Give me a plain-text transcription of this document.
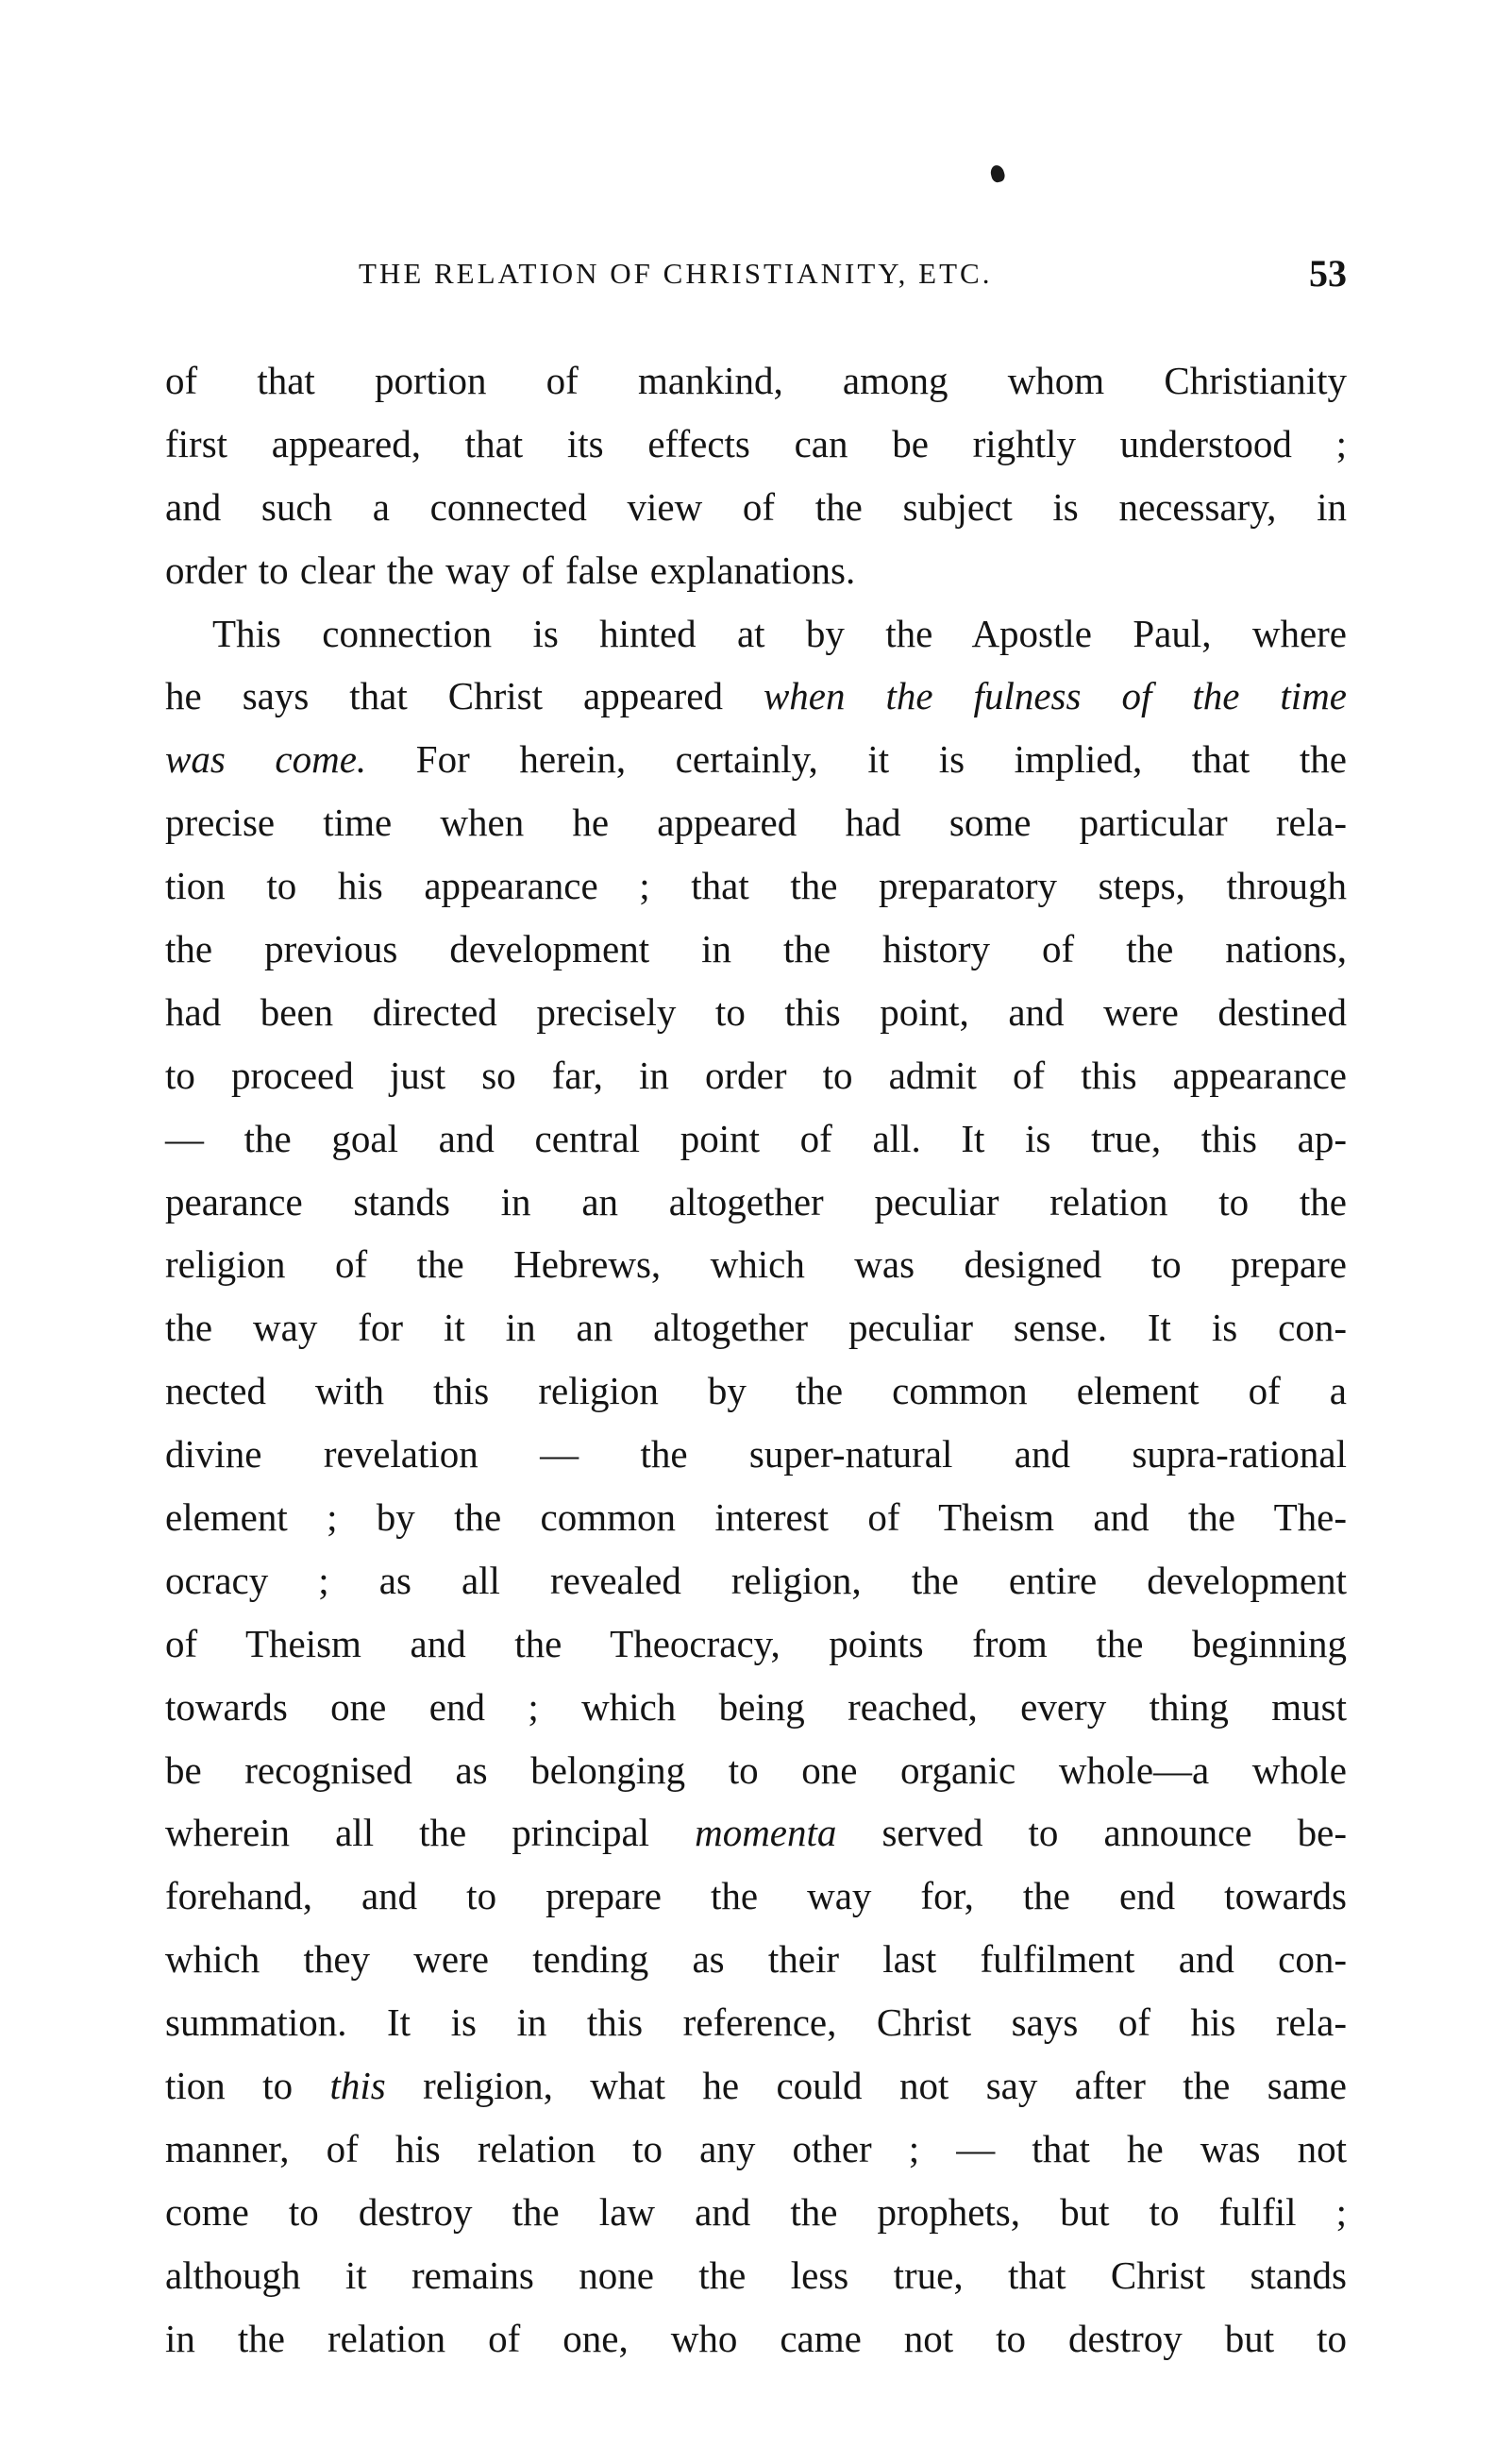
THE RELATION OF CHRISTIANITY, ETC.	53
of that portion of mankind, among whom Christianity
first appeared, that its effects can be rightly understood ;
and such a connected view of the subject is necessary, in
order to clear the way of false explanations.
This connection is hinted at by the Apostle Paul, where
he says that Christ appeared when the fulness of the time
was come. For herein, certainly, it is implied, that the
precise time when he appeared had some particular rela-
tion to his appearance ; that the preparatory steps, through
the previous development in the history of the nations,
had been directed precisely to this point, and were destined
to proceed just so far, in order to admit of this appearance
— the goal and central point of all. It is true, this ap-
pearance stands in an altogether peculiar relation to the
religion of the Hebrews, which was designed to prepare
the way for it in an altogether peculiar sense. It is con-
nected with this religion by the common element of a
divine revelation — the super-natural and supra-rational
element ; by the common interest of Theism and the The-
ocracy ; as all revealed religion, the entire development
of Theism and the Theocracy, points from the beginning
towards one end ; which being reached, every thing must
be recognised as belonging to one organic whole—a whole
wherein all the principal momenta served to announce be-
forehand, and to prepare the way for, the end towards
which they were tending as their last fulfilment and con-
summation. It is in this reference, Christ says of his rela-
tion to this religion, what he could not say after the same
manner, of his relation to any other ; — that he was not
come to destroy the law and the prophets, but to fulfil ;
although it remains none the less true, that Christ stands
in the relation of one, who came not to destroy but to
